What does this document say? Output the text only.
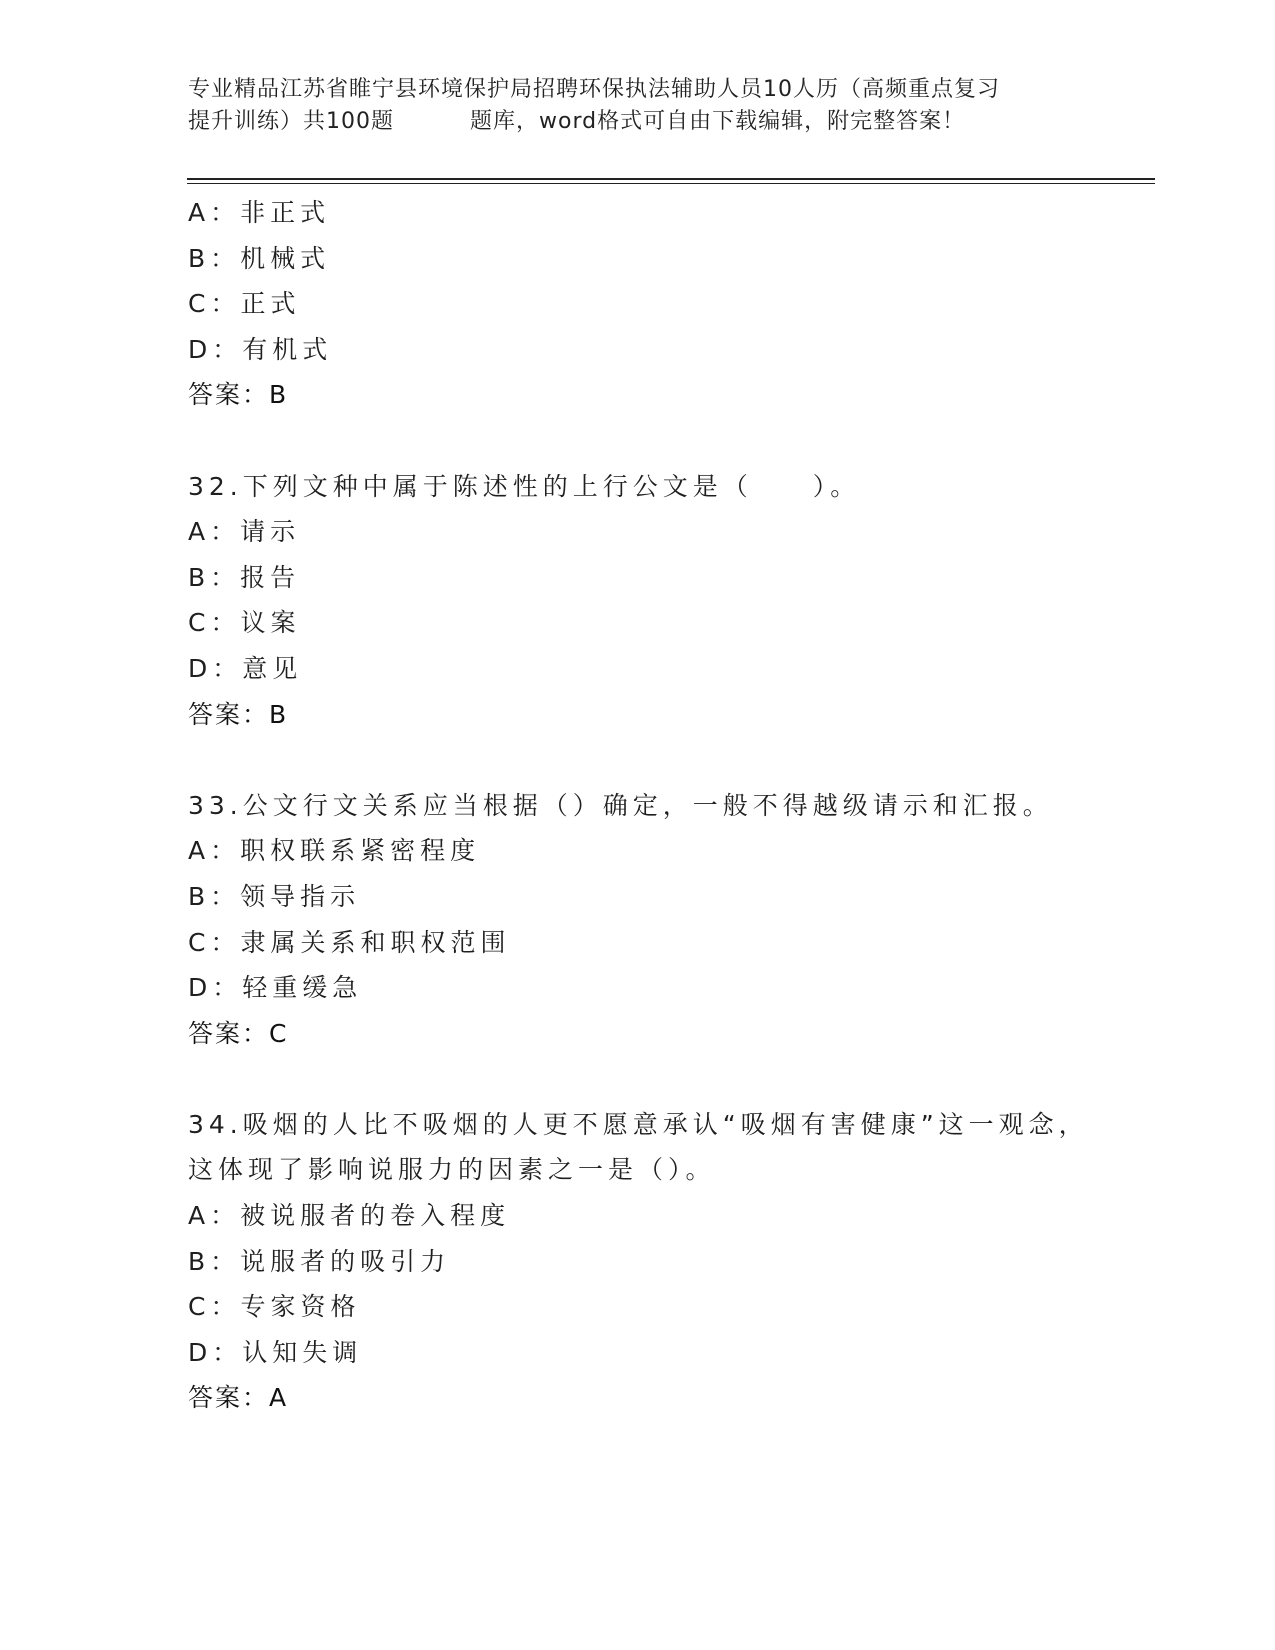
专业精品江苏省睢宁县环境保护局招聘环保执法辅助人员10人历（高频重点复习
提升训练）共100题	题库，word格式可自由下载编辑，附完整答案！
A：非正式
B：机械式
C：正式
D：有机式
答案：B
32.下列文种中属于陈述性的上行公文是（　　）。
A：请示
B：报告
C：议案
D：意见
答案：B
33.公文行文关系应当根据（）确定，一般不得越级请示和汇报。
A：职权联系紧密程度
B：领导指示
C：隶属关系和职权范围
D：轻重缓急
答案：C
34.吸烟的人比不吸烟的人更不愿意承认“吸烟有害健康”这一观念，
这体现了影响说服力的因素之一是（）。
A：被说服者的卷入程度
B：说服者的吸引力
C：专家资格
D：认知失调
答案：A
